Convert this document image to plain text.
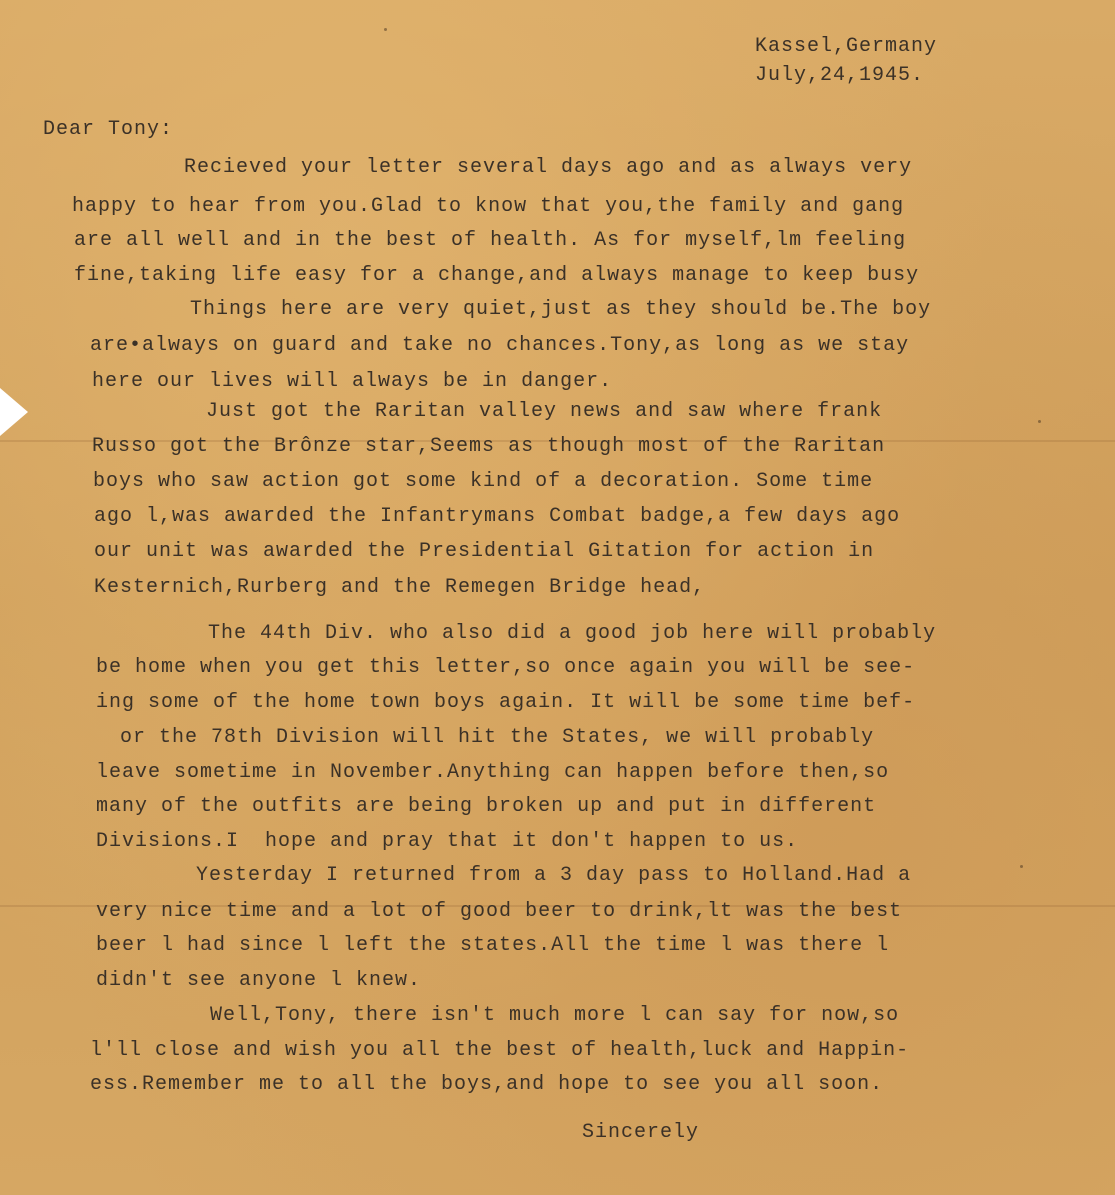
Kassel,Germany
July,24,1945.
Dear Tony:
Recieved your letter several days ago and as always very
happy to hear from you.Glad to know that you,the family and gang
are all well and in the best of health. As for myself,lm feeling
fine,taking life easy for a change,and always manage to keep busy
Things here are very quiet,just as they should be.The boy
are•always on guard and take no chances.Tony,as long as we stay
here our lives will always be in danger.
Just got the Raritan valley news and saw where frank
Russo got the Brônze star,Seems as though most of the Raritan
boys who saw action got some kind of a decoration. Some time
ago l,was awarded the Infantrymans Combat badge,a few days ago
our unit was awarded the Presidential Gitation for action in
Kesternich,Rurberg and the Remegen Bridge head,
The 44th Div. who also did a good job here will probably
be home when you get this letter,so once again you will be see-
ing some of the home town boys again. It will be some time bef-
or the 78th Division will hit the States, we will probably
leave sometime in November.Anything can happen before then,so
many of the outfits are being broken up and put in different
Divisions.I  hope and pray that it don't happen to us.
Yesterday I returned from a 3 day pass to Holland.Had a
very nice time and a lot of good beer to drink,lt was the best
beer l had since l left the states.All the time l was there l
didn't see anyone l knew.
Well,Tony, there isn't much more l can say for now,so
l'll close and wish you all the best of health,luck and Happin-
ess.Remember me to all the boys,and hope to see you all soon.
Sincerely
